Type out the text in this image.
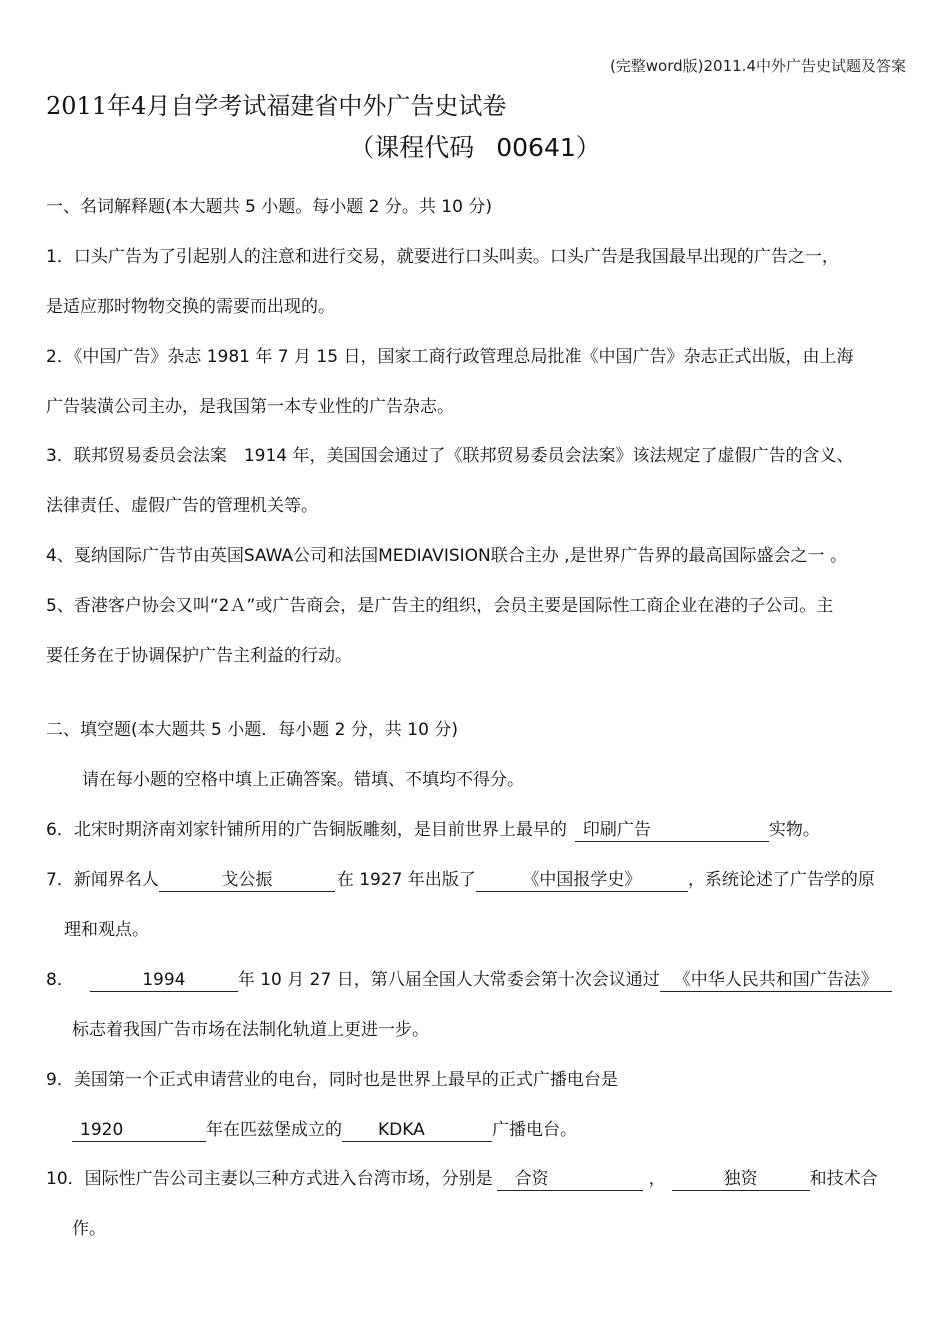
(完整word版)2011.4中外广告史试题及答案
2011年4月自学考试福建省中外广告史试卷
（课程代码 00641）
一、名词解释题(本大题共 5 小题。每小题 2 分。共 10 分)
1．口头广告为了引起别人的注意和进行交易，就要进行口头叫卖。口头广告是我国最早出现的广告之一，
是适应那时物物交换的需要而出现的。
2．《中国广告》杂志 1981 年 7 月 15 日，国家工商行政管理总局批准《中国广告》杂志正式出版，由上海
广告装潢公司主办，是我国第一本专业性的广告杂志。
3．联邦贸易委员会法案　1914 年，美国国会通过了《联邦贸易委员会法案》该法规定了虚假广告的含义、
法律责任、虚假广告的管理机关等。
4、戛纳国际广告节由英国SAWA公司和法国MEDIAVISION联合主办 ,是世界广告界的最高国际盛会之一 。
5、香港客户协会又叫“2Ａ”或广告商会，是广告主的组织，会员主要是国际性工商企业在港的子公司。主
要任务在于协调保护广告主利益的行动。
二、填空题(本大题共 5 小题．每小题 2 分，共 10 分)
请在每小题的空格中填上正确答案。错填、不填均不得分。
6．北宋时期济南刘家针铺所用的广告铜版雕刻，是目前世界上最早的 印刷广告	实物。
7．新闻界名人	戈公振	在 1927 年出版了	《中国报学史》	，系统论述了广告学的原
理和观点。
8．	1994	年 10 月 27 日，第八届全国人大常委会第十次会议通过 《中华人民共和国广告法》
标志着我国广告市场在法制化轨道上更进一步。
9．美国第一个正式申请营业的电台，同时也是世界上最早的正式广播电台是
1920	年在匹兹堡成立的 KDKA	广播电台。
10．国际性广告公司主妻以三种方式进入台湾市场，分别是 合资	，	独资	和技术合
作。
